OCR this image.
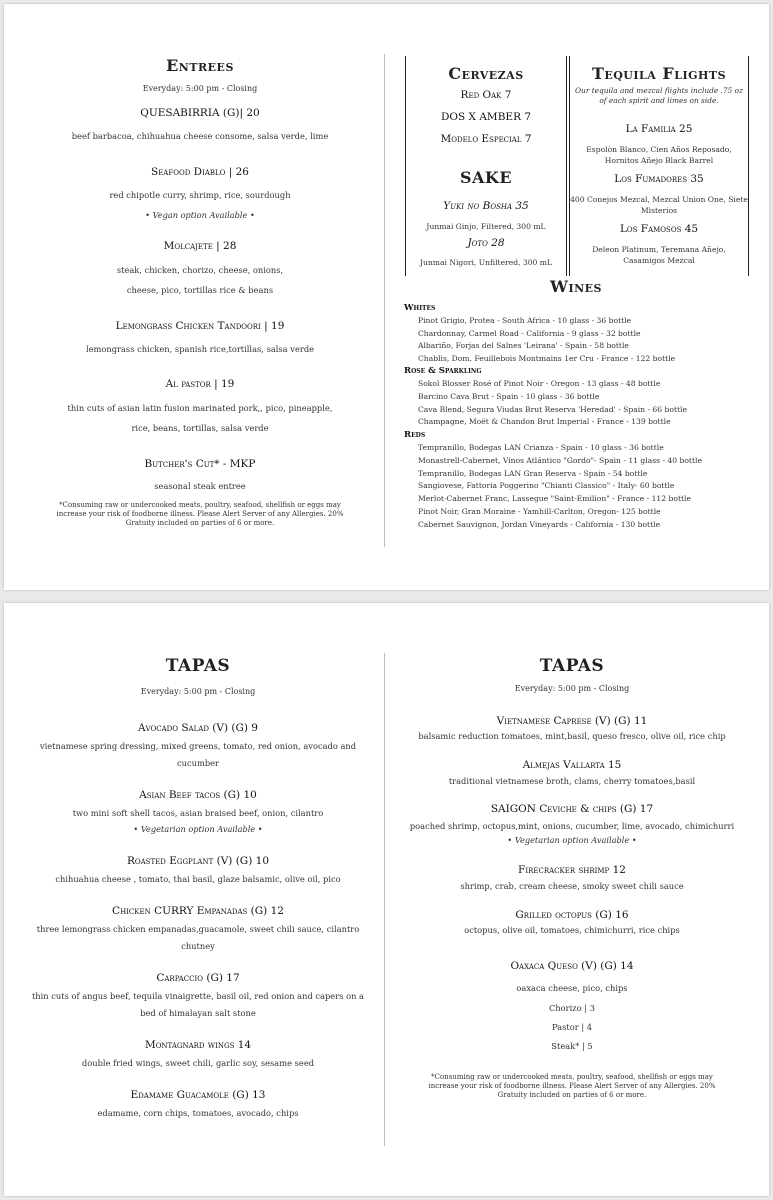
Entrees
Everyday: 5:00 pm - Closing
QUESABIRRIA (G)| 20
beef barbacoa, chihuahua cheese consome, salsa verde, lime
Seafood Diablo | 26
red chipotle curry, shrimp, rice, sourdough
• Vegan option Available •
Molcajete | 28
steak, chicken, chorizo, cheese, onions,
cheese, pico, tortillas rice & beans
Lemongrass Chicken Tandoori | 19
lemongrass chicken, spanish rice,tortillas, salsa verde
Al pastor | 19
thin cuts of asian latin fusion marinated pork,, pico, pineapple,
rice, beans, tortillas, salsa verde
Butcher's Cut* - MKP
seasonal steak entree
*Consuming raw or undercooked meats, poultry, seafood, shellfish or eggs may
increase your risk of foodborne illness. Please Alert Server of any Allergies. 20%
Gratuity included on parties of 6 or more.
Cervezas
Red Oak 7
DOS X AMBER 7
Modelo Especial 7
SAKE
Yuki no Bosha 35
Junmai Ginjo, Filtered, 300 mL
Joto 28
Junmai Nigori, Unfiltered, 300 mL
Tequila Flights
Our tequila and mezcal flights include .75 oz
of each spirit and limes on side.
La Familia 25
Espolòn Blanco, Cien Años Reposado,
Hornitos Añejo Black Barrel
Los Fumadores 35
400 Conejos Mezcal, Mezcal Union One, Siete
Misterios
Los Famosos 45
Deleon Platinum, Teremana Añejo,
Casamigos Mezcal
Wines
Whites
Pinot Grigio, Protea - South Africa - 10 glass - 36 bottle
Chardonnay, Carmel Road - California - 9 glass - 32 bottle
Albariño, Forjas del Salnes 'Leirana' - Spain - 58 bottle
Chablis, Dom. Feuillebois Montmains 1er Cru - France - 122 bottle
Rose & Sparkling
Sokol Blosser Rosé of Pinot Noir - Oregon - 13 glass - 48 bottle
Barcino Cava Brut - Spain - 10 glass - 36 bottle
Cava Blend, Segura Viudas Brut Reserva 'Heredad' - Spain - 66 bottle
Champagne, Moët & Chandon Brut Imperial - France - 139 bottle
Reds
Tempranillo, Bodegas LAN Crianza - Spain - 10 glass - 36 bottle
Monastrell-Cabernet, Vinos Atlántico "Gordo"- Spain - 11 glass - 40 bottle
Tempranillo, Bodegas LAN Gran Reserva - Spain - 54 bottle
Sangiovese, Fattoria Poggerino "Chianti Classico" - Italy- 60 bottle
Merlot-Cabernet Franc, Lassegue "Saint-Emilion" - France - 112 bottle
Pinot Noir, Gran Moraine - Yamhill-Carlton, Oregon- 125 bottle
Cabernet Sauvignon, Jordan Vineyards - California - 130 bottle
TAPAS
Everyday: 5:00 pm - Closing
Avocado Salad (V) (G) 9
vietnamese spring dressing, mixed greens, tomato, red onion, avocado and
cucumber
Asian Beef tacos (G) 10
two mini soft shell tacos, asian braised beef, onion, cilantro
• Vegetarian option Available •
Roasted Eggplant (V) (G) 10
chihuahua cheese , tomato, thai basil, glaze balsamic, olive oil, pico
Chicken CURRY Empanadas (G) 12
three lemongrass chicken empanadas,guacamole, sweet chili sauce, cilantro
chutney
Carpaccio (G) 17
thin cuts of angus beef, tequila vinaigrette, basil oil, red onion and capers on a
bed of himalayan salt stone
Montagnard wings 14
double fried wings, sweet chili, garlic soy, sesame seed
Edamame Guacamole (G) 13
edamame, corn chips, tomatoes, avocado, chips
TAPAS
Everyday: 5:00 pm - Closing
Vietnamese Caprese (V) (G) 11
balsamic reduction tomatoes, mint,basil, queso fresco, olive oil, rice chip
Almejas Vallarta 15
traditional vietnamese broth, clams, cherry tomatoes,basil
SAIGON Ceviche & chips (G) 17
poached shrimp, octopus,mint, onions, cucumber, lime, avocado, chimichurri
• Vegetarian option Available •
Firecracker shrimp 12
shrimp, crab, cream cheese, smoky sweet chili sauce
Grilled octopus (G) 16
octopus, olive oil, tomatoes, chimichurri, rice chips
Oaxaca Queso (V) (G) 14
oaxaca cheese, pico, chips
Chorizo | 3
Pastor | 4
Steak* | 5
*Consuming raw or undercooked meats, poultry, seafood, shellfish or eggs may
increase your risk of foodborne illness. Please Alert Server of any Allergies. 20%
Gratuity included on parties of 6 or more.
